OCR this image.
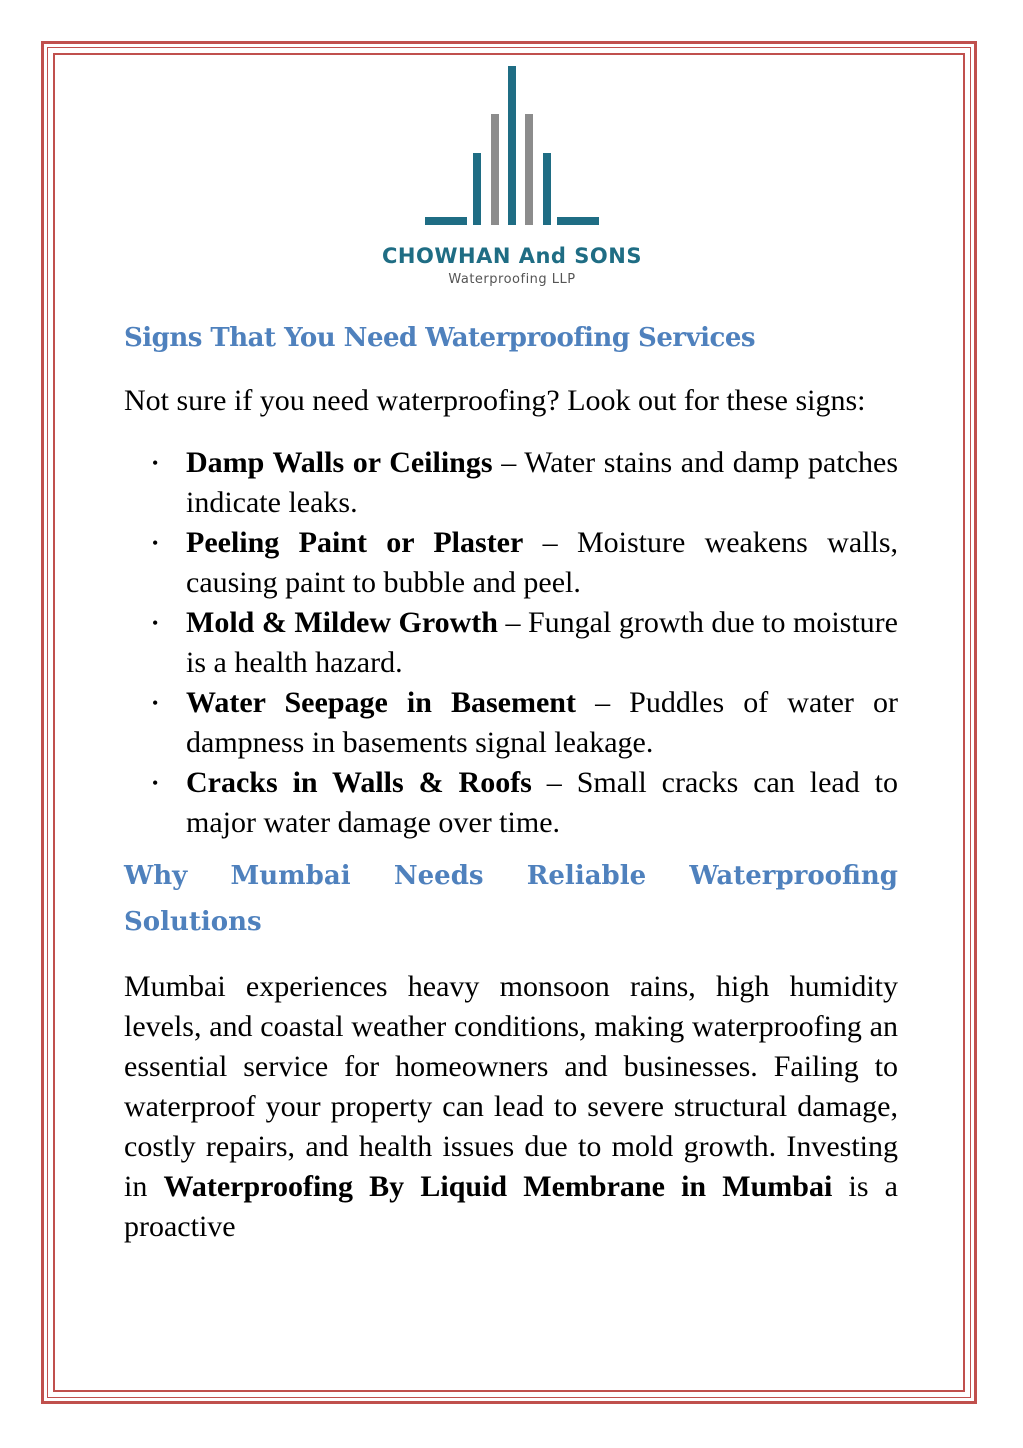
CHOWHAN And SONS
Waterproofing LLP
Signs That You Need Waterproofing Services

Not sure if you need waterproofing? Look out for these signs:

• Damp Walls or Ceilings – Water stains and damp patches indicate leaks.
• Peeling Paint or Plaster – Moisture weakens walls, causing paint to bubble and peel.
• Mold & Mildew Growth – Fungal growth due to moisture is a health hazard.
• Water Seepage in Basement – Puddles of water or dampness in basements signal leakage.
• Cracks in Walls & Roofs – Small cracks can lead to major water damage over time.
Why Mumbai Needs Reliable Waterproofing Solutions

Mumbai experiences heavy monsoon rains, high humidity levels, and coastal weather conditions, making waterproofing an essential service for homeowners and businesses. Failing to waterproof your property can lead to severe structural damage, costly repairs, and health issues due to mold growth. Investing in Waterproofing By Liquid Membrane in Mumbai is a proactive
